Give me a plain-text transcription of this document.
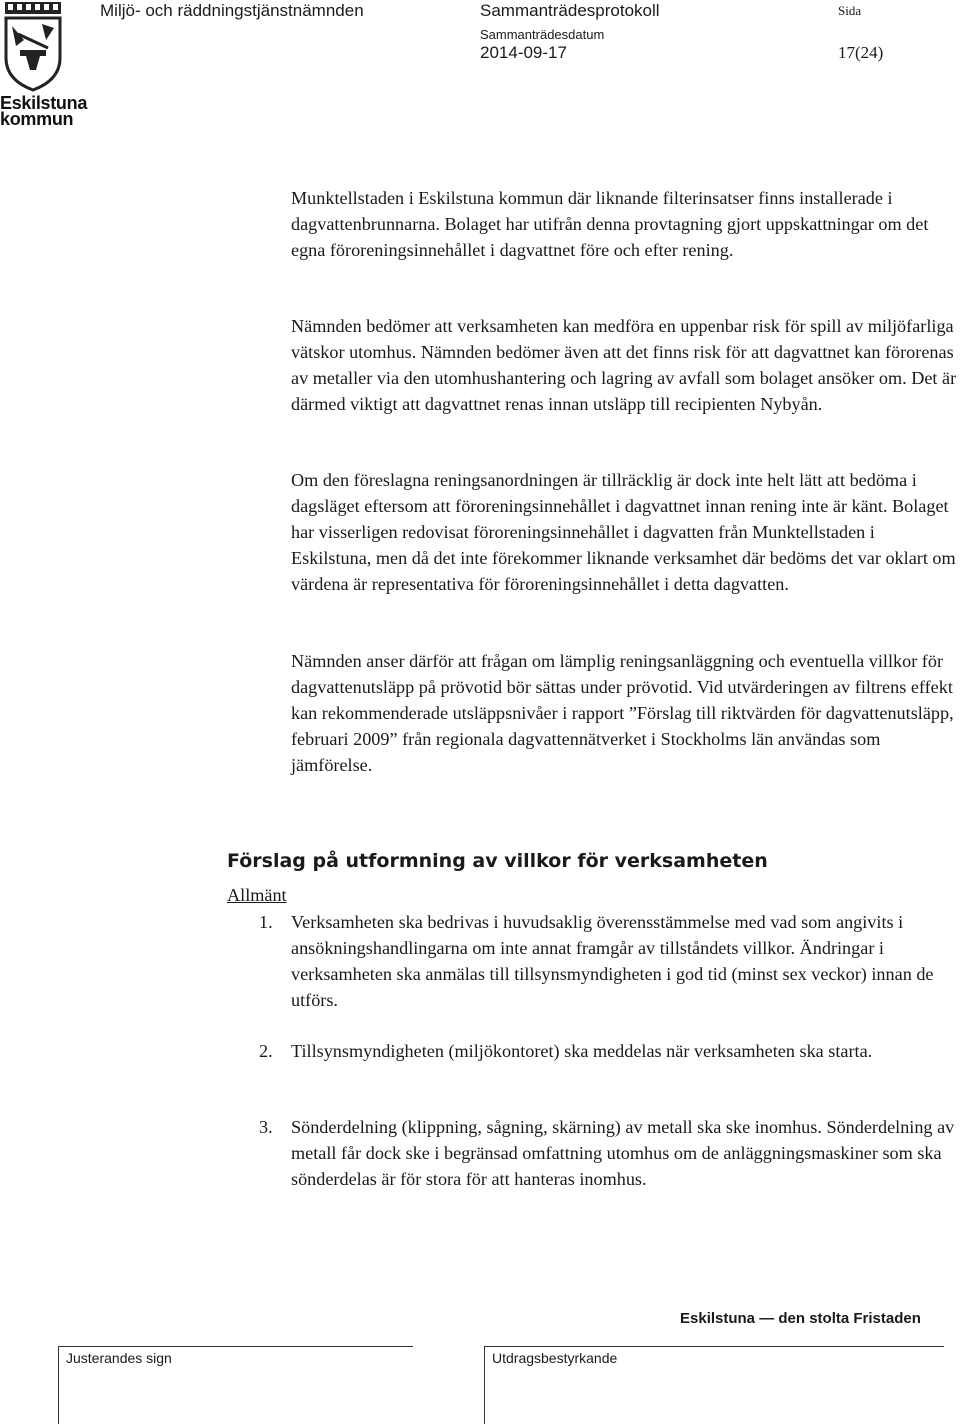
Eskilstuna
kommun
Miljö- och räddningstjänstnämnden	Sammanträdesprotokoll	Sida
Sammanträdesdatum
2014-09-17	17(24)

Munktellstaden i Eskilstuna kommun där liknande filterinsatser finns installerade i dagvattenbrunnarna. Bolaget har utifrån denna provtagning gjort uppskattningar om det egna föroreningsinnehållet i dagvattnet före och efter rening.

Nämnden bedömer att verksamheten kan medföra en uppenbar risk för spill av miljöfarliga vätskor utomhus. Nämnden bedömer även att det finns risk för att dagvattnet kan förorenas av metaller via den utomhushantering och lagring av avfall som bolaget ansöker om. Det är därmed viktigt att dagvattnet renas innan utsläpp till recipienten Nybyån.

Om den föreslagna reningsanordningen är tillräcklig är dock inte helt lätt att bedöma i dagsläget eftersom att föroreningsinnehållet i dagvattnet innan rening inte är känt. Bolaget har visserligen redovisat föroreningsinnehållet i dagvatten från Munktellstaden i Eskilstuna, men då det inte förekommer liknande verksamhet där bedöms det var oklart om värdena är representativa för föroreningsinnehållet i detta dagvatten.

Nämnden anser därför att frågan om lämplig reningsanläggning och eventuella villkor för dagvattenutsläpp på prövotid bör sättas under prövotid. Vid utvärderingen av filtrens effekt kan rekommenderade utsläppsnivåer i rapport ”Förslag till riktvärden för dagvattenutsläpp, februari 2009” från regionala dagvattennätverket i Stockholms län användas som jämförelse.

Förslag på utformning av villkor för verksamheten
Allmänt
1. Verksamheten ska bedrivas i huvudsaklig överensstämmelse med vad som angivits i ansökningshandlingarna om inte annat framgår av tillståndets villkor. Ändringar i verksamheten ska anmälas till tillsynsmyndigheten i god tid (minst sex veckor) innan de utförs.

2. Tillsynsmyndigheten (miljökontoret) ska meddelas när verksamheten ska starta.

3. Sönderdelning (klippning, sågning, skärning) av metall ska ske inomhus. Sönderdelning av metall får dock ske i begränsad omfattning utomhus om de anläggningsmaskiner som ska sönderdelas är för stora för att hanteras inomhus.

Eskilstuna — den stolta Fristaden
Justerandes sign	Utdragsbestyrkande
